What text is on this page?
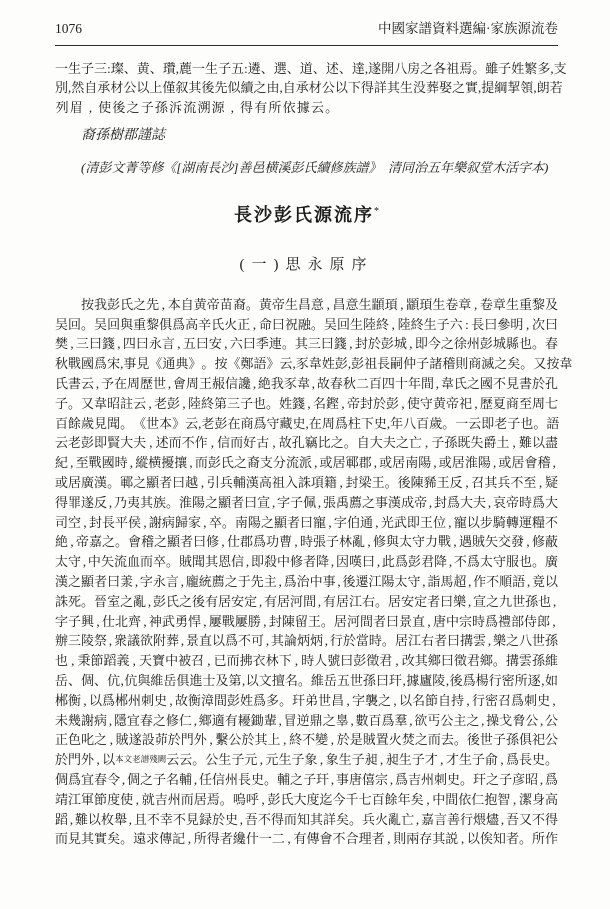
1076	中國家譜資料選編·家族源流卷
一 生 子 三 : 璨 、 黄 、 瓚 , 蔍 一 生 子 五 : 遴 、 選 、 道 、 述 、 達 , 遂 開 八 房 之 各 祖 焉 。 雖 子 姓 繁 多 , 支
別 , 然 自 承 材 公 以 上 僅 叙 其 後 先 似 續 之 由 , 自 承 材 公 以 下 得 詳 其 生 没 葬 娶 之 實 , 提 綱 挈 領 , 朗 若
列 眉 , 使 後 之 子 孫 泝 流 溯 源 , 得 有 所 依 據 云 。
裔孫樹郡謹誌
(清彭文菁等修《[湖南長沙]善邑横溪彭氏續修族譜》　清同治五年樂叙堂木活字本)
長沙彭氏源流序*
(一)思永原序

按 我 彭 氏 之 先 , 本 自 黄 帝 苗 裔 。 黄 帝 生 昌 意 , 昌 意 生 顓 頊 , 顓 頊 生 卷 章 , 卷 章 生 重 黎 及
吴 回 。 吴 回 與 重 黎 俱 爲 高 辛 氏 火 正 , 命 曰 祝 融 。 吴 回 生 陸 終 , 陸 終 生 子 六 : 長 曰 參 明 , 次 曰
樊 , 三 曰 籛 , 四 曰 永 言 , 五 曰 安 , 六 曰 季 連 。 其 三 曰 籛 , 封 於 彭 城 , 即 今 之 徐 州 彭 城 縣 也 。 春
秋 戰 國 爲 宋 , 事 見 《 通 典 》 。 按 《 鄭 語 》 云 , 豕 韋 姓 彭 , 彭 祖 長 嗣 仲 子 諸 稽 則 商 滅 之 矣 。 又 按 韋
氏 書 云 , 予 在 周 歷 世 , 會 周 王 赧 信 讒 , 絶 我 豕 韋 , 故 春 秋 二 百 四 十 年 間 , 韋 氏 之 國 不 見 書 於 孔
子 。 又 韋 昭 註 云 , 老 彭 , 陸 終 第 三 子 也 。 姓 籛 , 名 鏗 , 帝 封 於 彭 , 使 守 黄 帝 祀 , 歷 夏 商 至 周 七
百 餘 歲 見 聞 。 《 世 本 》 云 , 老 彭 在 商 爲 守 藏 史 , 在 周 爲 柱 下 史 , 年 八 百 歲 。 一 云 即 老 子 也 。 語
云 老 彭 即 賢 大 夫 , 述 而 不 作 , 信 而 好 古 , 故 孔 竊 比 之 。 自 大 夫 之 亡 , 子 孫 既 失 爵 土 , 難 以 盡
紀 , 至 戰 國 時 , 縱 横 擾 攘 , 而 彭 氏 之 裔 支 分 流 派 , 或 居 鄆 郡 , 或 居 南 陽 , 或 居 淮 陽 , 或 居 會 稽 ,
或 居 廣 漢 。 鄆 之 顯 者 曰 越 , 引 兵 輔 漢 高 祖 入 誅 項 籍 , 封 梁 王 。 後 陳 豨 王 反 , 召 其 兵 不 至 , 疑
得 罪 遂 反 , 乃 夷 其 族 。 淮 陽 之 顯 者 曰 宣 , 字 子 佩 , 張 禹 薦 之 事 漢 成 帝 , 封 爲 大 夫 , 哀 帝 時 爲 大
司 空 , 封 長 平 侯 , 謝 病 歸 家 , 卒 。 南 陽 之 顯 者 曰 寵 , 字 伯 通 , 光 武 即 王 位 , 寵 以 步 騎 轉 運 糧 不
絶 , 帝 嘉 之 。 會 稽 之 顯 者 曰 修 , 仕 郡 爲 功 曹 , 時 張 子 林 亂 , 修 與 太 守 力 戰 , 遇 賊 矢 交 發 , 修 蔽
太 守 , 中 矢 流 血 而 卒 。 賊 聞 其 恩 信 , 即 殺 中 修 者 降 , 因 嘆 曰 , 此 爲 彭 君 降 , 不 爲 太 守 服 也 。 廣
漢 之 顯 者 曰 羕 , 字 永 言 , 龐 統 薦 之 于 先 主 , 爲 治 中 事 , 後 遷 江 陽 太 守 , 詣 馬 超 , 作 不 順 語 , 竟 以
誅 死 。 晉 室 之 亂 , 彭 氏 之 後 有 居 安 定 , 有 居 河 間 , 有 居 江 右 。 居 安 定 者 曰 樂 , 宣 之 九 世 孫 也 ,
字 子 興 , 仕 北 齊 , 神 武 勇 悍 , 屢 戰 屢 勝 , 封 陳 留 王 。 居 河 間 者 曰 景 直 , 唐 中 宗 時 爲 禮 部 侍 郎 ,
辦 三 陵 祭 , 衆 議 欲 附 葬 , 景 直 以 爲 不 可 , 其 論 炳 炳 , 行 於 當 時 。 居 江 右 者 曰 搆 雲 , 樂 之 八 世 孫
也 , 秉 節 蹈 義 , 天 寶 中 被 召 , 已 而 拂 衣 林 下 , 時 人 號 曰 彭 徵 君 , 改 其 鄉 曰 徵 君 鄉 。 搆 雲 孫 維
岳 、 倜 、 伉 , 伉 與 維 岳 俱 進 士 及 第 , 以 文 擅 名 。 維 岳 五 世 孫 曰 玕 , 據 廬 陵 , 後 爲 楊 行 密 所 逐 , 如
郴 衡 , 以 爲 郴 州 刺 史 , 故 衡 漳 間 彭 姓 爲 多 。 玕 弟 世 昌 , 字 襲 之 , 以 名 節 自 持 , 行 密 召 爲 刺 史 ,
未 幾 謝 病 , 隱 宜 春 之 修 仁 , 鄉 適 有 耰 鋤 輩 , 冒 逆 鼎 之 辠 , 數 百 爲 羣 , 欲 丐 公 主 之 , 操 戈 脅 公 , 公
正 色 叱 之 , 賊 遂 設 茆 於 門 外 , 繫 公 於 其 上 , 終 不 變 , 於 是 賊 置 火 焚 之 而 去 。 後 世 子 孫 俱 祀 公
於 門 外 , 以 本 文 老 譜 殘 闕 云 云 。 公 生 子 元 , 元 生 子 象 , 象 生 子 昶 , 昶 生 子 才 , 才 生 子 俞 , 爲 長 史 。
倜 爲 宜 春 令 , 倜 之 子 名 輔 , 任 信 州 長 史 。 輔 之 子 玕 , 事 唐 僖 宗 , 爲 吉 州 刺 史 。 玕 之 子 彦 昭 , 爲
靖 江 軍 節 度 使 , 就 吉 州 而 居 焉 。 嗚 呼 , 彭 氏 大 度 迄 今 千 七 百 餘 年 矣 , 中 間 依 仁 抱 智 , 潔 身 高
蹈 , 難 以 枚 舉 , 且 不 幸 不 見 録 於 史 , 吾 不 得 而 知 其 詳 矣 。 兵 火 亂 亡 , 嘉 言 善 行 煨 燼 , 吾 又 不 得
而 見 其 實 矣 。 遠 求 傳 記 , 所 得 者 纔 什 一 二 , 有 傳 會 不 合 理 者 , 則 兩 存 其 説 , 以 俟 知 者 。 所 作
